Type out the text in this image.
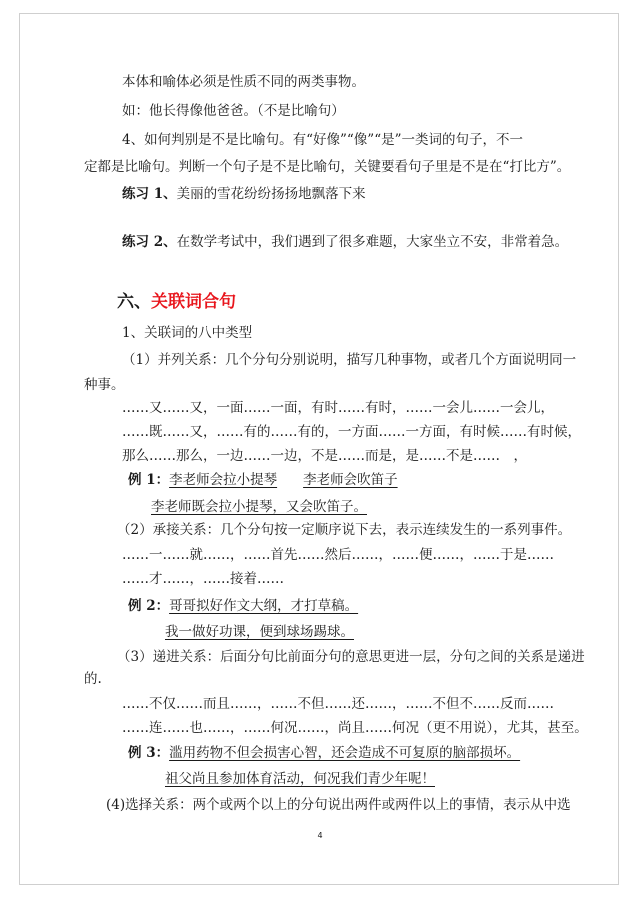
本体和喻体必须是性质不同的两类事物。
如：他长得像他爸爸。（不是比喻句）
4、如何判别是不是比喻句。有“好像”“像”“是”一类词的句子，不一
定都是比喻句。判断一个句子是不是比喻句，关键要看句子里是不是在“打比方”。
练习 1、美丽的雪花纷纷扬扬地飘落下来
练习 2、在数学考试中，我们遇到了很多难题，大家坐立不安，非常着急。
六、关联词合句
1、关联词的八中类型
（1）并列关系：几个分句分别说明，描写几种事物，或者几个方面说明同一
种事。
……又……又，一面……一面，有时……有时，……一会儿……一会儿，
……既……又，……有的……有的，一方面……一方面，有时候……有时候，
那么……那么，一边……一边，不是……而是，是……不是……　，
例 1：李老师会拉小提琴 李老师会吹笛子
李老师既会拉小提琴，又会吹笛子。
（2）承接关系：几个分句按一定顺序说下去，表示连续发生的一系列事件。
……一……就……，……首先……然后……，……便……，……于是……
……才……，……接着……
例 2：哥哥拟好作文大纲，才打草稿。
我一做好功课，便到球场踢球。
（3）递进关系：后面分句比前面分句的意思更进一层，分句之间的关系是递进
的.
……不仅……而且……，……不但……还……，……不但不……反而……
……连……也……，……何况……，尚且……何况（更不用说），尤其，甚至。
例 3：滥用药物不但会损害心智，还会造成不可复原的脑部损坏。
祖父尚且参加体育活动，何况我们青少年呢！
(4)选择关系：两个或两个以上的分句说出两件或两件以上的事情，表示从中选
4
